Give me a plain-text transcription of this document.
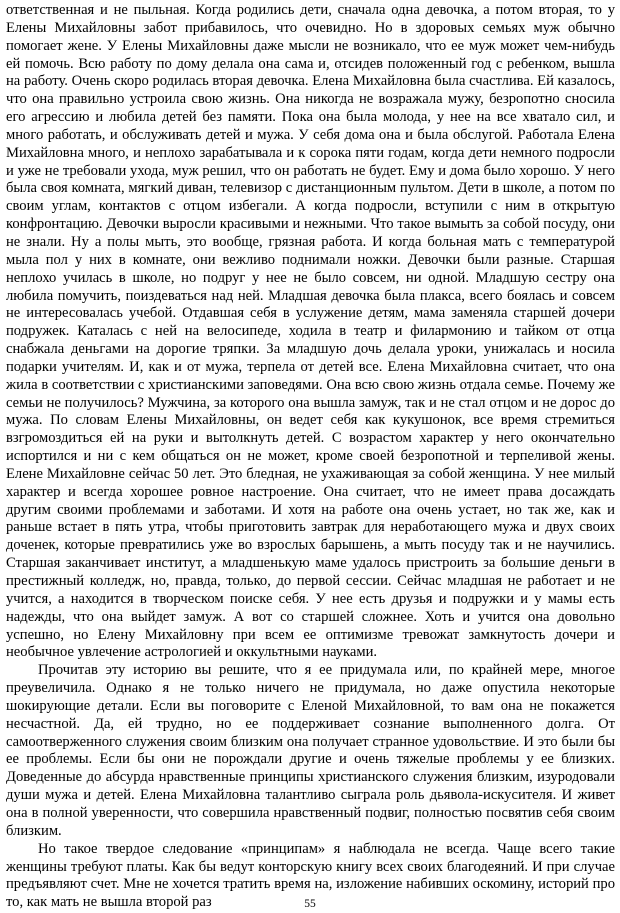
ответственная и не пыльная. Когда родились дети, сначала одна девочка, а потом вторая, то у Елены Михайловны забот прибавилось, что очевидно. Но в здоровых семьях муж обычно помогает жене. У Елены Михайловны даже мысли не возникало, что ее муж может чем-нибудь ей помочь. Всю работу по дому делала она сама и, отсидев положенный год с ребенком, вышла на работу. Очень скоро родилась вторая девочка. Елена Михайловна была счастлива. Ей казалось, что она правильно устроила свою жизнь. Она никогда не возражала мужу, безропотно сносила его агрессию и любила детей без памяти. Пока она была молода, у нее на все хватало сил, и много работать, и обслуживать детей и мужа. У себя дома она и была обслугой. Работала Елена Михайловна много, и неплохо зарабатывала и к сорока пяти годам, когда дети немного подросли и уже не требовали ухода, муж решил, что он работать не будет. Ему и дома было хорошо. У него была своя комната, мягкий диван, телевизор с дистанционным пультом. Дети в школе, а потом по своим углам, контактов с отцом избегали. А когда подросли, вступили с ним в открытую конфронтацию. Девочки выросли красивыми и нежными. Что такое вымыть за собой посуду, они не знали. Ну а полы мыть, это вообще, грязная работа. И когда больная мать с температурой мыла пол у них в комнате, они вежливо поднимали ножки. Девочки были разные. Старшая неплохо училась в школе, но подруг у нее не было совсем, ни одной. Младшую сестру она любила помучить, поиздеваться над ней. Младшая девочка была плакса, всего боялась и совсем не интересовалась учебой. Отдавшая себя в услужение детям, мама заменяла старшей дочери подружек. Каталась с ней на велосипеде, ходила в театр и филармонию и тайком от отца снабжала деньгами на дорогие тряпки. За младшую дочь делала уроки, унижалась и носила подарки учителям. И, как и от мужа, терпела от детей все. Елена Михайловна считает, что она жила в соответствии с христианскими заповедями. Она всю свою жизнь отдала семье. Почему же семьи не получилось? Мужчина, за которого она вышла замуж, так и не стал отцом и не дорос до мужа. По словам Елены Михайловны, он ведет себя как кукушонок, все время стремиться взгромоздиться ей на руки и вытолкнуть детей. С возрастом характер у него окончательно испортился и ни с кем общаться он не может, кроме своей безропотной и терпеливой жены. Елене Михайловне сейчас 50 лет. Это бледная, не ухаживающая за собой женщина. У нее милый характер и всегда хорошее ровное настроение. Она считает, что не имеет права досаждать другим своими проблемами и заботами. И хотя на работе она очень устает, но так же, как и раньше встает в пять утра, чтобы приготовить завтрак для неработающего мужа и двух своих доченек, которые превратились уже во взрослых барышень, а мыть посуду так и не научились. Старшая заканчивает институт, а младшенькую маме удалось пристроить за большие деньги в престижный колледж, но, правда, только, до первой сессии. Сейчас младшая не работает и не учится, а находится в творческом поиске себя. У нее есть друзья и подружки и у мамы есть надежды, что она выйдет замуж. А вот со старшей сложнее. Хоть и учится она довольно успешно, но Елену Михайловну при всем ее оптимизме тревожат замкнутость дочери и необычное увлечение астрологией и оккультными науками.

Прочитав эту историю вы решите, что я ее придумала или, по крайней мере, многое преувеличила. Однако я не только ничего не придумала, но даже опустила некоторые шокирующие детали. Если вы поговорите с Еленой Михайловной, то вам она не покажется несчастной. Да, ей трудно, но ее поддерживает сознание выполненного долга. От самоотверженного служения своим близким она получает странное удовольствие. И это были бы ее проблемы. Если бы они не порождали другие и очень тяжелые проблемы у ее близких. Доведенные до абсурда нравственные принципы христианского служения близким, изуродовали души мужа и детей. Елена Михайловна талантливо сыграла роль дьявола-искусителя. И живет она в полной уверенности, что совершила нравственный подвиг, полностью посвятив себя своим близким.

Но такое твердое следование «принципам» я наблюдала не всегда. Чаще всего такие женщины требуют платы. Как бы ведут конторскую книгу всех своих благодеяний. И при случае предъявляют счет. Мне не хочется тратить время на, изложение набивших оскомину, историй про то, как мать не вышла второй раз	55
